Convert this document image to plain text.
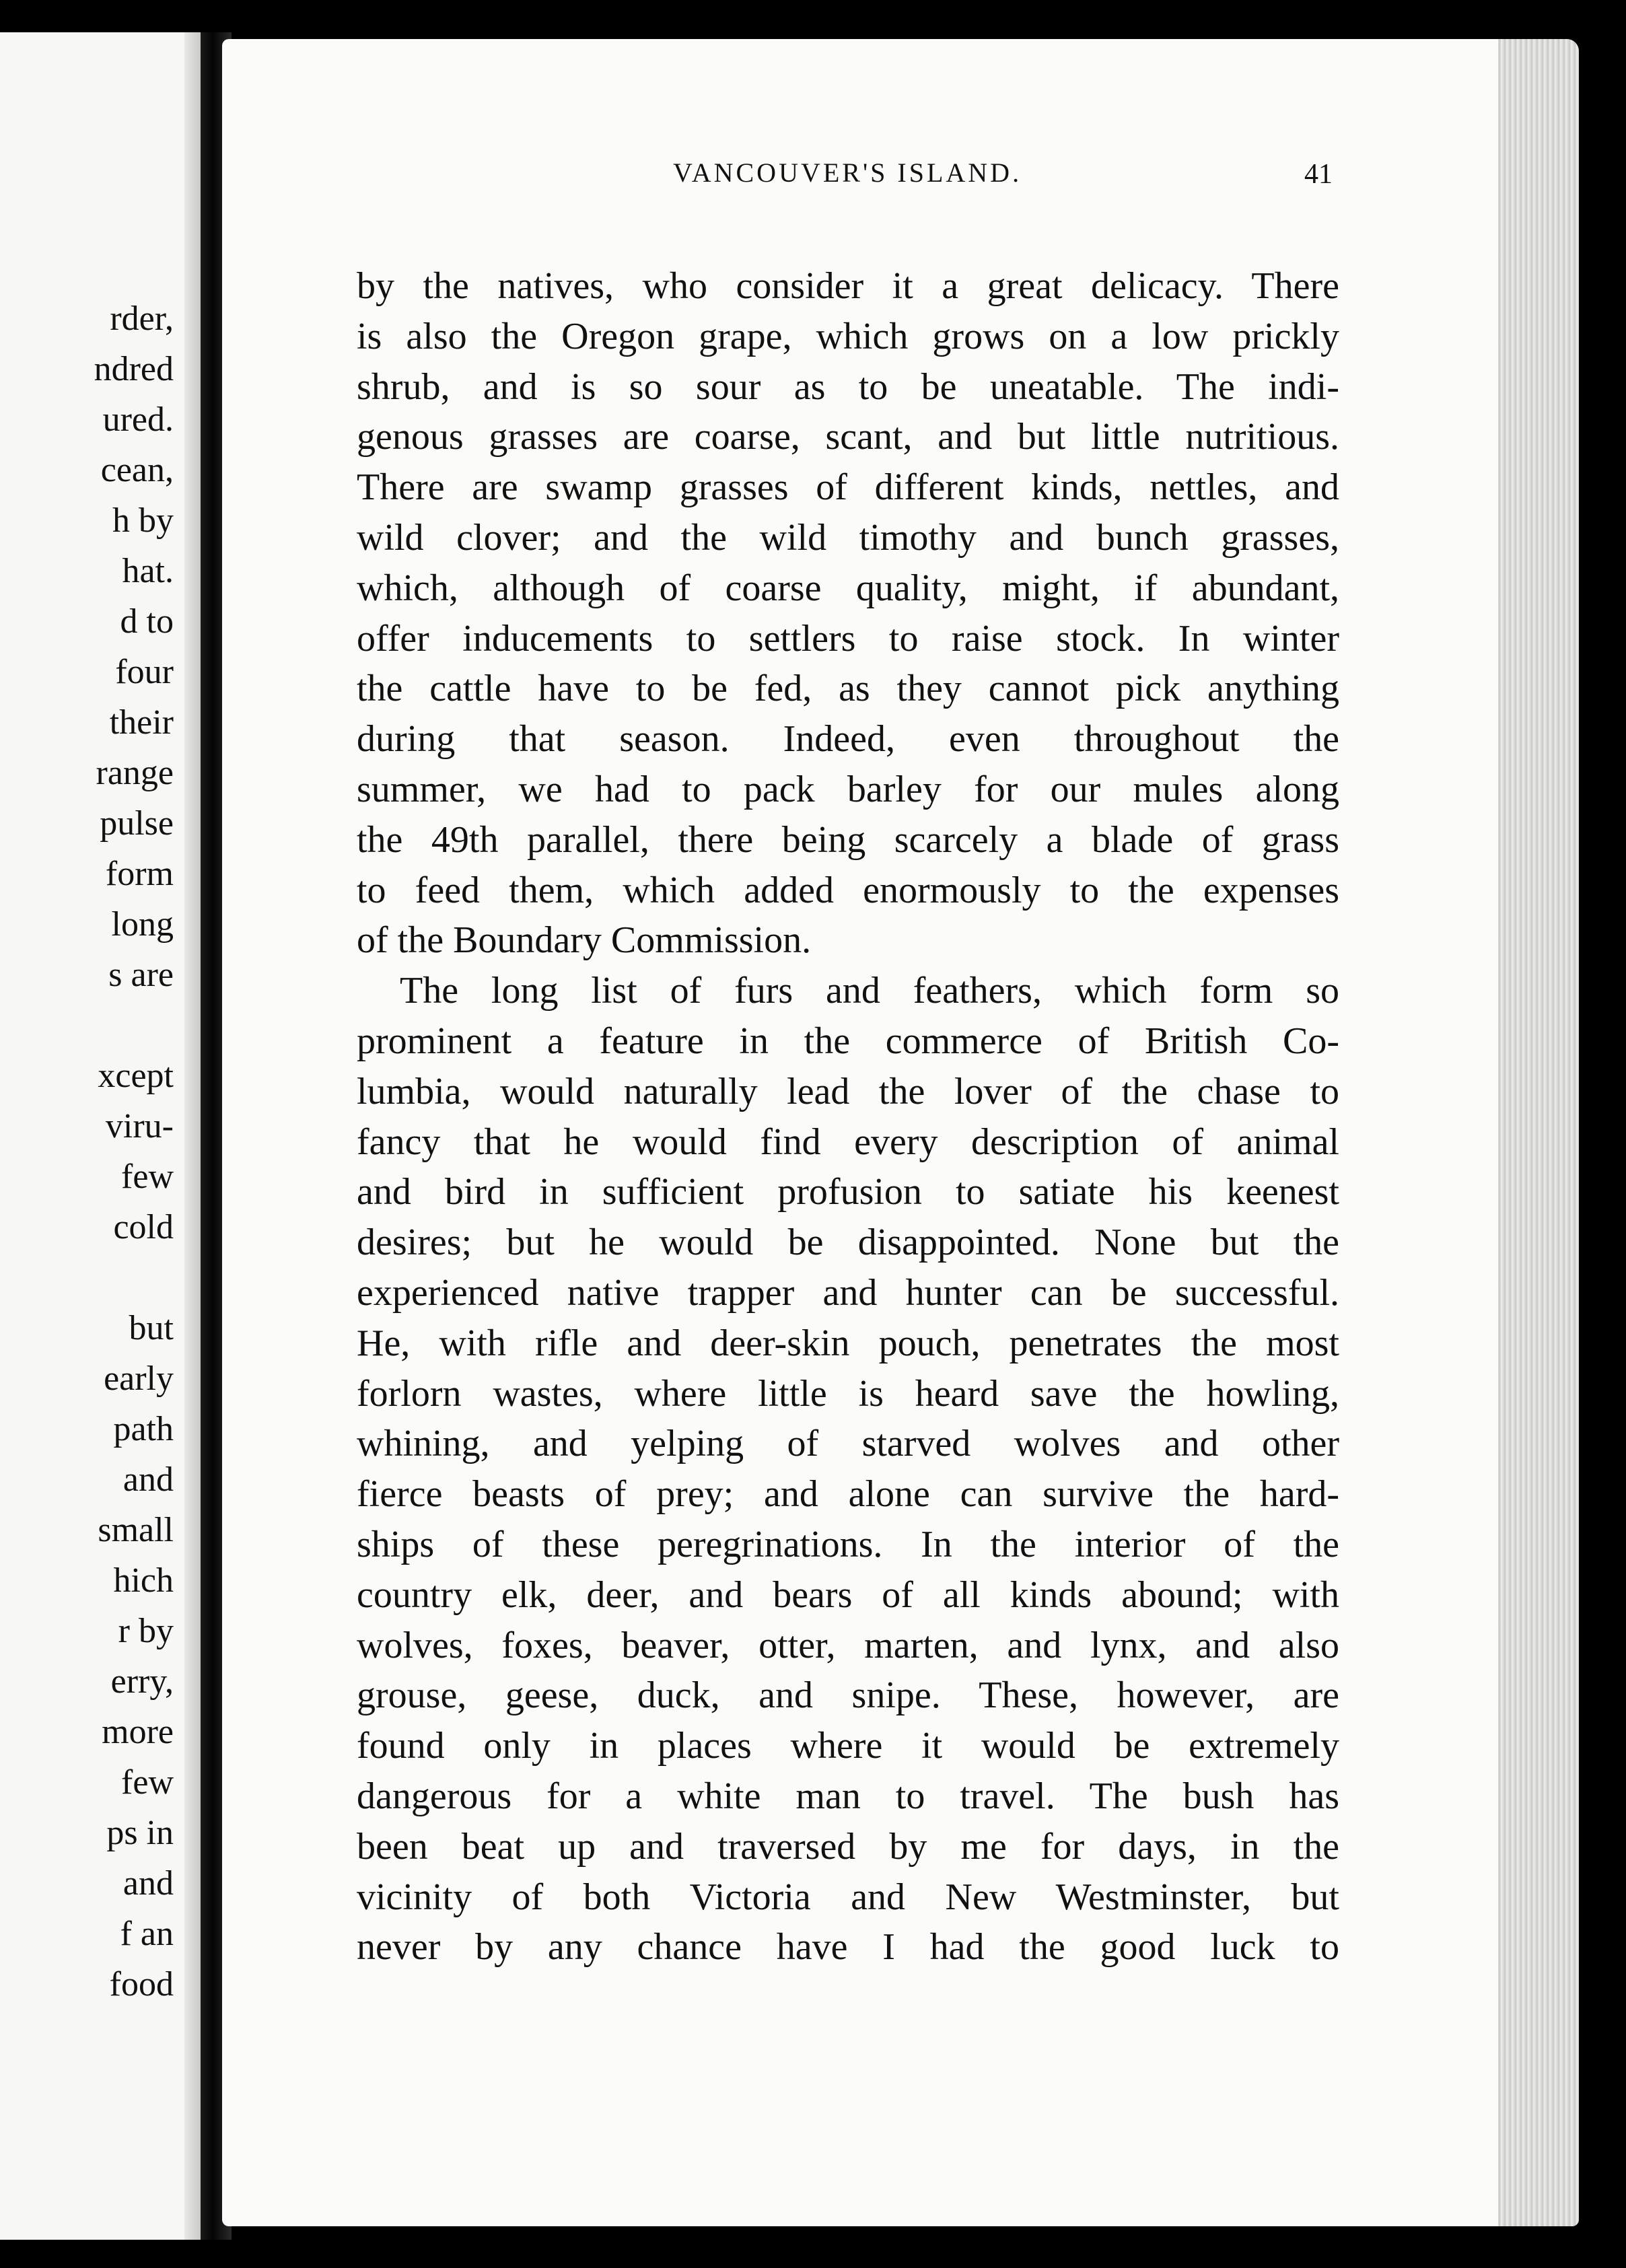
rder,
ndred
ured.
cean,
h by
hat.
d to
four
their
range
pulse
form
long
s are
xcept
viru-
few
cold
but
early
path
and
small
hich
r by
erry,
more
few
ps in
and
f an
food
VANCOUVER'S ISLAND.	41
by the natives, who consider it a great delicacy. There
is also the Oregon grape, which grows on a low prickly
shrub, and is so sour as to be uneatable. The indi-
genous grasses are coarse, scant, and but little nutritious.
There are swamp grasses of different kinds, nettles, and
wild clover; and the wild timothy and bunch grasses,
which, although of coarse quality, might, if abundant,
offer inducements to settlers to raise stock. In winter
the cattle have to be fed, as they cannot pick anything
during that season. Indeed, even throughout the
summer, we had to pack barley for our mules along
the 49th parallel, there being scarcely a blade of grass
to feed them, which added enormously to the expenses
of the Boundary Commission.
The long list of furs and feathers, which form so
prominent a feature in the commerce of British Co-
lumbia, would naturally lead the lover of the chase to
fancy that he would find every description of animal
and bird in sufficient profusion to satiate his keenest
desires; but he would be disappointed. None but the
experienced native trapper and hunter can be successful.
He, with rifle and deer-skin pouch, penetrates the most
forlorn wastes, where little is heard save the howling,
whining, and yelping of starved wolves and other
fierce beasts of prey; and alone can survive the hard-
ships of these peregrinations. In the interior of the
country elk, deer, and bears of all kinds abound; with
wolves, foxes, beaver, otter, marten, and lynx, and also
grouse, geese, duck, and snipe. These, however, are
found only in places where it would be extremely
dangerous for a white man to travel. The bush has
been beat up and traversed by me for days, in the
vicinity of both Victoria and New Westminster, but
never by any chance have I had the good luck to
